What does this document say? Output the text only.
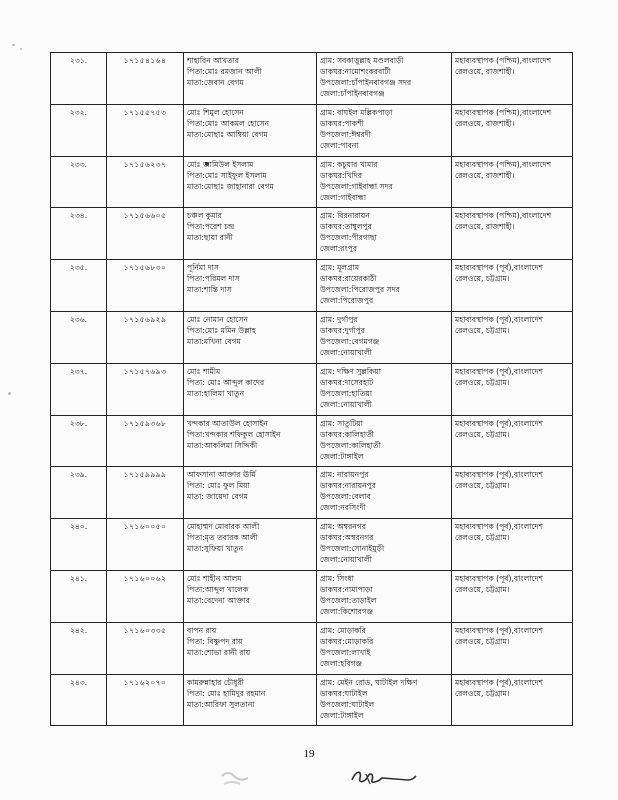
২৩১.	১৭১৫৪১৬৪	শাহারিন আখতার
পিতা:মোঃ রমজান আলী
মাতা:জেবান বেগম	গ্রাম: সবকাত্তুল্লাহ মণ্ডলবাড়ী
ডাকঘর:নামোশংকরবাটী
উপজেলা:চাঁপাইনবাবগঞ্জ সদর
জেলা:চাঁপাইনবাবগঞ্জ	মহাব্যবস্থাপক (পশ্চিম),বাংলাদেশ
রেলওয়ে, রাজশাহী।

২৩২.	১৭১৫৫৭৫৩	মোঃ শিমুল হোসেন
পিতা:মোঃ আকমল হোসেন
মাতা:মোছাঃ আম্বিয়া বেগম	গ্রাম: বাঘইল মল্লিকপাড়া
ডাকঘর:পাকশী
উপজেলা:ঈশ্বরদী
জেলা:পাবনা	মহাব্যবস্থাপক (পশ্চিম),বাংলাদেশ
রেলওয়ে, রাজশাহী।

২৩৩.	১৭১৫৬২৩৭	মোঃ জামিউল ইসলাম
পিতা:মোঃ সাইফুল ইসলাম
মাতা:মোছাঃ জাহানারা বেগম	গ্রাম: কচুয়ার খামার
ডাকঘর:খিদির
উপজেলা:গাইবান্ধা সদর
জেলা:গাইবান্ধা	মহাব্যবস্থাপক (পশ্চিম),বাংলাদেশ
রেলওয়ে, রাজশাহী।

২৩৪.	১৭১৫৬৬০৫	চঞ্চল কুমার
পিতা:পরেশ চন্দ্র
মাতা:ছায়া রানী	গ্রাম: বিরনারায়ন
ডাকঘর:তাম্বুলপুর
উপজেলা:পীরগাছা
জেলা:রংপুর	মহাব্যবস্থাপক (পশ্চিম),বাংলাদেশ
রেলওয়ে, রাজশাহী।

২৩৫.	১৭১৫৬৮৩০	পূর্নিমা দাস
পিতা:পরিমল দাস
মাতা:শান্তি দাস	গ্রাম: মূলগ্রাম
ডাকঘর:রায়েরকাঠী
উপজেলা:পিরোজপুর সদর
জেলা:পিরোজপুর	মহাব্যবস্থাপক (পূর্ব),বাংলাদেশ
রেলওয়ে, চট্টগ্রাম।

২৩৬.	১৭১৫৬৯২৯	মোঃ নোমান হোসেন
পিতা:মোঃ মমিন উল্লাহ
মাতা:মখিনা বেগম	গ্রাম: দুর্গাপুর
ডাকঘর:দুর্গাপুর
উপজেলা:বেগমগঞ্জ
জেলা:নোয়াখালী	মহাব্যবস্থাপক (পূর্ব),বাংলাদেশ
রেলওয়ে, চট্টগ্রাম।

২৩৭.	১৭১৫৭৬৯৩	মোঃ শামীম
পিতা: মোঃ আব্দুল কাদের
মাতা:হালিমা খাতুন	গ্রাম: দক্ষিণ সুল্লকিয়া
ডাকঘর:দাসেরহাট
উপজেলা:হাতিয়া
জেলা:নোয়াখালী	মহাব্যবস্থাপক (পূর্ব),বাংলাদেশ
রেলওয়ে, চট্টগ্রাম।

২৩৮.	১৭১৫৯৩৬৮	খন্দকার আতাউল হোসাইন
পিতা:খন্দকার শফিকুল হোসাইন
মাতা:আকলিমা সিদ্দিকী	গ্রাম: সাতুটিয়া
ডাকঘর:কালিহাতী
উপজেলা:কালিহাতী
জেলা:টাঙ্গাইল	মহাব্যবস্থাপক (পূর্ব),বাংলাদেশ
রেলওয়ে, চট্টগ্রাম।

২৩৯.	১৭১৫৯৯৯৯	আফসানা আক্তার ঊর্মি
পিতা: মোঃ ফুল মিয়া
মাতা: জায়েদা বেগম	গ্রাম: নারায়নপুর
ডাকঘর:নারায়নপুর
উপজেলা:বেলাব
জেলা:নরসিংদী	মহাব্যবস্থাপক (পূর্ব),বাংলাদেশ
রেলওয়ে, চট্টগ্রাম।

২৪০.	১৭১৬০০৫০	মোহাম্মদ মোবারক আলী
পিতা:মৃত তবারক আলী
মাতা:সুফিয়া খাতুন	গ্রাম: অম্বরনগর
ডাকঘর:অম্বরনগর
উপজেলা:সোনাইমুড়ী
জেলা:নোয়াখালী	মহাব্যবস্থাপক (পূর্ব),বাংলাদেশ
রেলওয়ে, চট্টগ্রাম।

২৪১.	১৭১৬০০৬২	মোঃ শাহীন আলম
পিতা:আব্দুল খালেক
মাতা:বেদেনা আক্তার	গ্রাম: সিংধা
ডাকঘর:নামাপাড়া
উপজেলা:তাড়াইল
জেলা:কিশোরগঞ্জ	মহাব্যবস্থাপক (পূর্ব),বাংলাদেশ
রেলওয়ে, চট্টগ্রাম।

২৪২.	১৭১৬০৩৩৫	বাপন রায়
পিতা: বিষ্ণুপদ রায়
মাতা:শোভা রানী রায়	গ্রাম: মোড়াকরি
ডাকঘর:মোড়াকরি
উপজেলা:লাখাই
জেলা:হবিগঞ্জ	মহাব্যবস্থাপক (পূর্ব),বাংলাদেশ
রেলওয়ে, চট্টগ্রাম।

২৪৩.	১৭১৬২০৭০	কামরুন্নাহার চৌধুরী
পিতা: মোঃ হামিদুর রহমান
মাতা:আরিফা সুলতানা	গ্রাম: মেইন রোড, ঘাটাইল দক্ষিণ
ডাকঘর:ঘাটাইল
উপজেলা:ঘাটাইল
জেলা:টাঙ্গাইল	মহাব্যবস্থাপক (পূর্ব),বাংলাদেশ
রেলওয়ে, চট্টগ্রাম।
19
